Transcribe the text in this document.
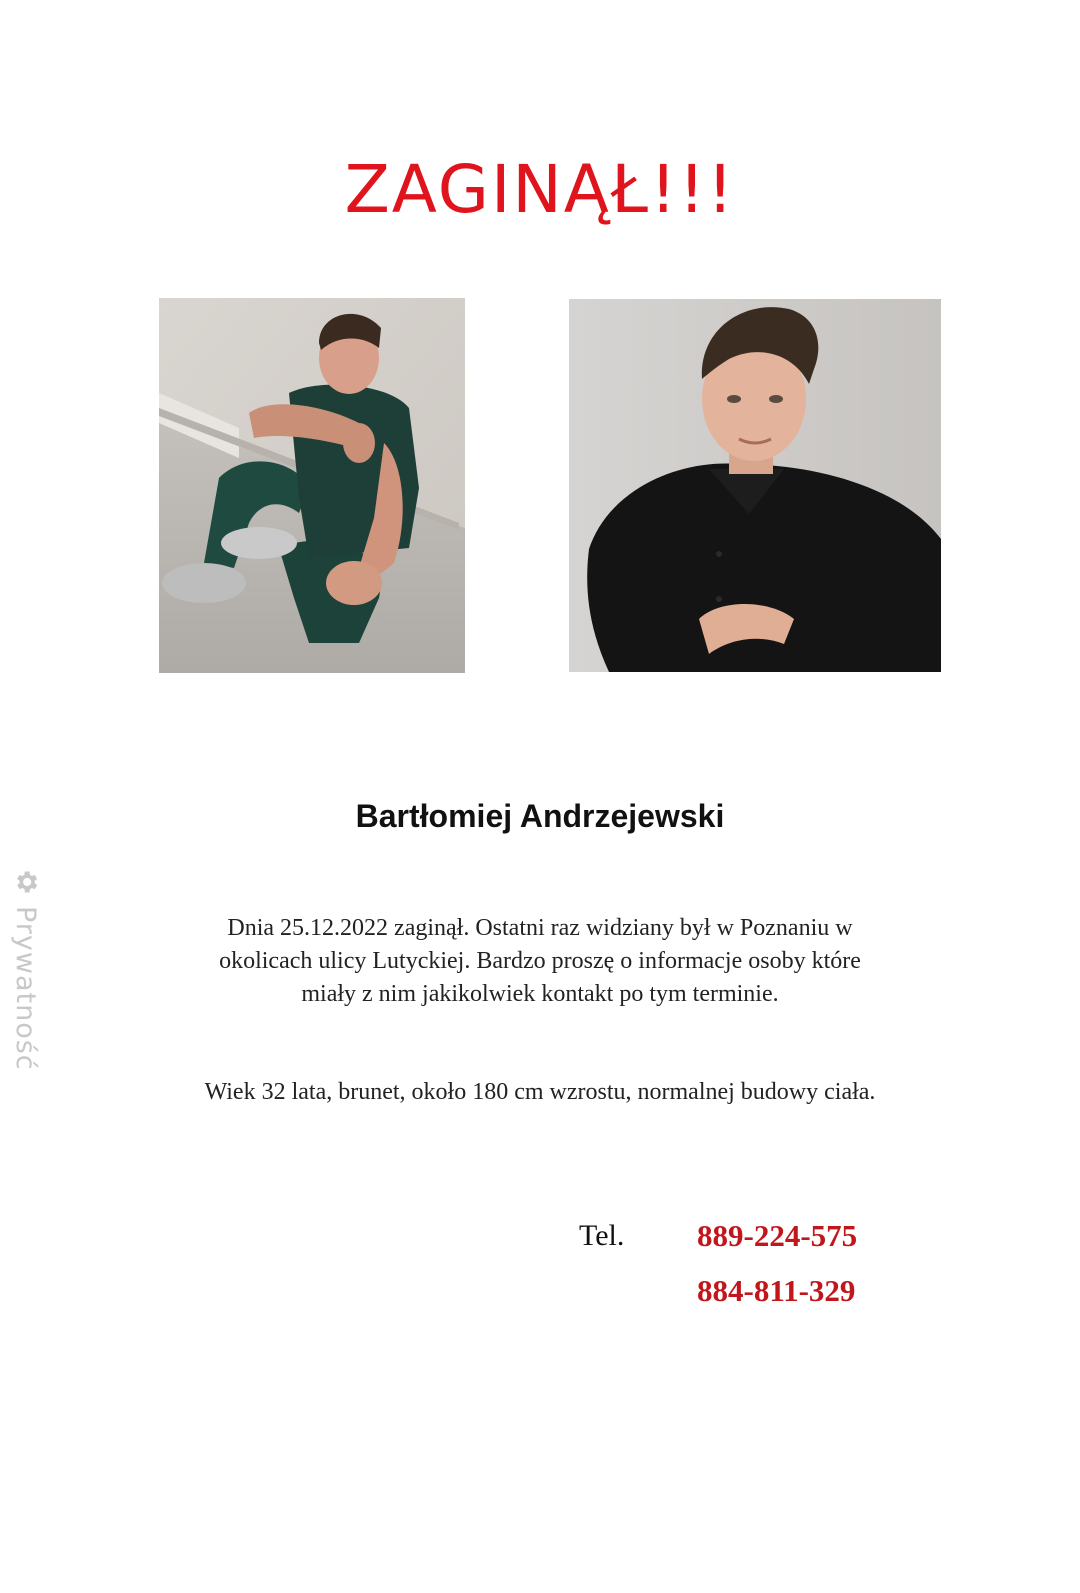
ZAGINĄŁ!!!
Bartłomiej Andrzejewski

Dnia 25.12.2022 zaginął. Ostatni raz widziany był w Poznaniu w

okolicach ulicy Lutyckiej. Bardzo proszę o informacje osoby które

miały z nim jakikolwiek kontakt po tym terminie.

Wiek 32 lata, brunet, około 180 cm wzrostu, normalnej budowy ciała.
Tel. 889-224-575
884-811-329
Prywatność
